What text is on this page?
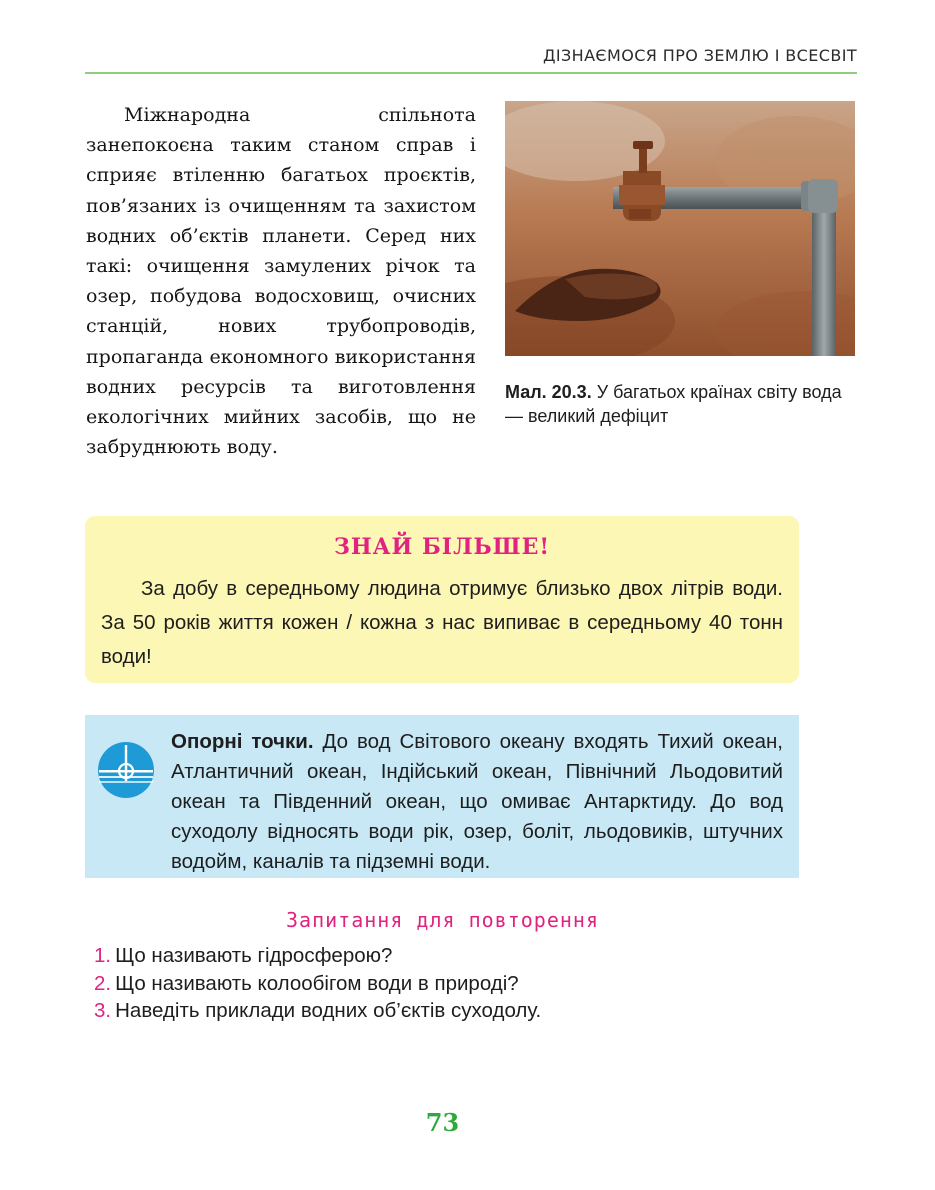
ДІЗНАЄМОСЯ ПРО ЗЕМЛЮ І ВСЕСВІТ

Міжнародна спільнота занепокоєна таким станом справ і сприяє втіленню багатьох проєктів, пов’язаних із очищенням та захистом водних об’єктів планети. Серед них такі: очищення замулених річок та озер, побудова водосховищ, очисних станцій, нових трубопроводів, пропаганда економного використання водних ресурсів та виготовлення екологічних мийних засобів, що не забруднюють воду.

Мал. 20.3. У багатьох країнах світу вода — великий дефіцит
ЗНАЙ БІЛЬШЕ!

За добу в середньому людина отримує близько двох літрів води. За 50 років життя кожен / кожна з нас випиває в середньому 40 тонн води!

Опорні точки. До вод Світового океану входять Тихий океан, Атлантичний океан, Індійський океан, Північний Льодовитий океан та Південний океан, що омиває Антарктиду. До вод суходолу відносять води рік, озер, боліт, льодовиків, штучних водойм, каналів та підземні води.

Запитання для повторення
1. Що називають гідросферою?
2. Що називають колообігом води в природі?
3. Наведіть приклади водних об’єктів суходолу.
73
